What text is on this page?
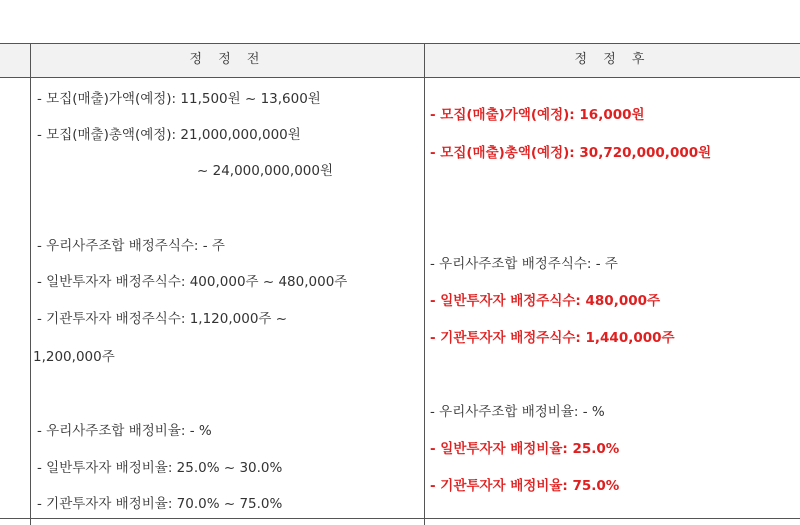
정 정 전	정 정 후
- 모집(매출)가액(예정): 11,500원 ~ 13,600원
- 모집(매출)총액(예정): 21,000,000,000원
~ 24,000,000,000원
- 우리사주조합 배정주식수: - 주
- 일반투자자 배정주식수: 400,000주 ~ 480,000주
- 기관투자자 배정주식수: 1,120,000주 ~
1,200,000주
- 우리사주조합 배정비율: - %
- 일반투자자 배정비율: 25.0% ~ 30.0%
- 기관투자자 배정비율: 70.0% ~ 75.0%
- 모집(매출)가액(예정): 16,000원
- 모집(매출)총액(예정): 30,720,000,000원
- 우리사주조합 배정주식수: - 주
- 일반투자자 배정주식수: 480,000주
- 기관투자자 배정주식수: 1,440,000주
- 우리사주조합 배정비율: - %
- 일반투자자 배정비율: 25.0%
- 기관투자자 배정비율: 75.0%
